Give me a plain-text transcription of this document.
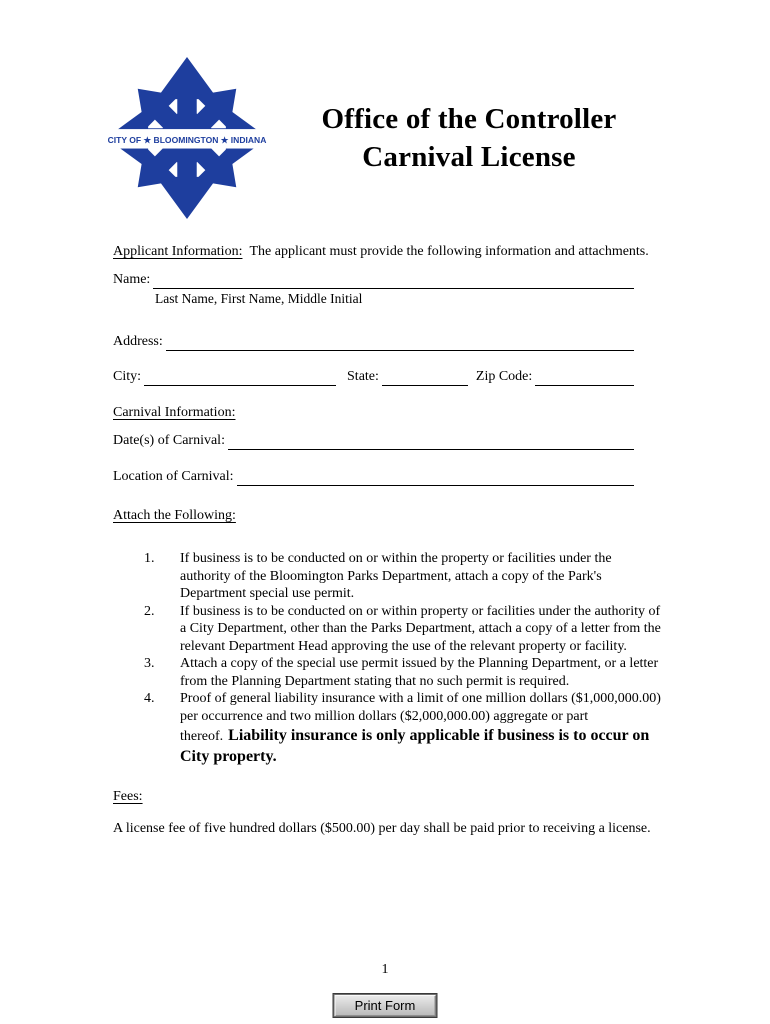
CITY OF ★ BLOOMINGTON ★ INDIANA
Office of the Controller
Carnival License
Applicant Information: The applicant must provide the following information and attachments.
Name:
Last Name, First Name, Middle Initial
Address:
City:	State:	Zip Code:
Carnival Information:
Date(s) of Carnival:
Location of Carnival:
Attach the Following:
1.	If business is to be conducted on or within the property or facilities under the authority of the Bloomington Parks Department, attach a copy of the Park's Department special use permit.
2.	If business is to be conducted on or within property or facilities under the authority of a City Department, other than the Parks Department, attach a copy of a letter from the relevant Department Head approving the use of the relevant property or facility.
3.	Attach a copy of the special use permit issued by the Planning Department, or a letter from the Planning Department stating that no such permit is required.
4.	Proof of general liability insurance with a limit of one million dollars ($1,000,000.00) per occurrence and two million dollars ($2,000,000.00) aggregate or part thereof. Liability insurance is only applicable if business is to occur on City property.
Fees:
A license fee of five hundred dollars ($500.00) per day shall be paid prior to receiving a license.
1
Print Form
